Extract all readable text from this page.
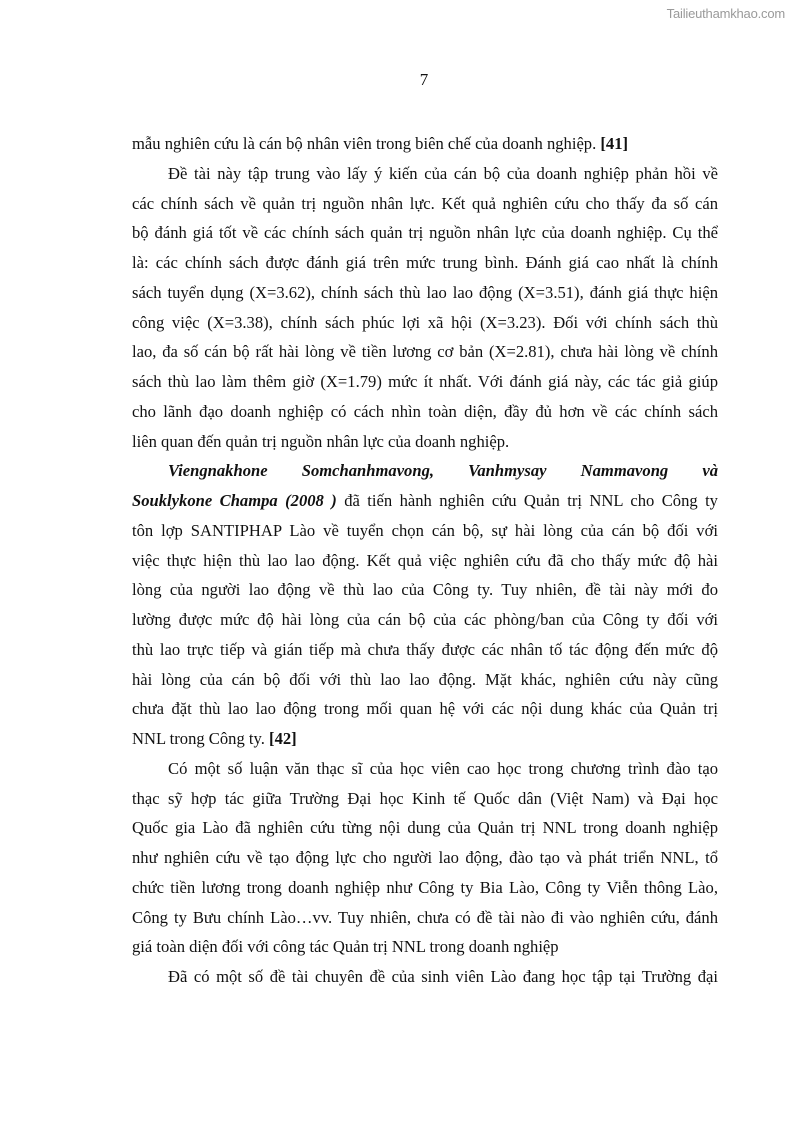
Tailieuthamkhao.com
7
mẫu nghiên cứu là cán bộ nhân viên trong biên chế của doanh nghiệp. [41]
Đề tài này tập trung vào lấy ý kiến của cán bộ của doanh nghiệp phản hồi về
các chính sách về quản trị nguồn nhân lực. Kết quả nghiên cứu cho thấy đa số cán
bộ đánh giá tốt về các chính sách quản trị nguồn nhân lực của doanh nghiệp. Cụ thể
là: các chính sách được đánh giá trên mức trung bình. Đánh giá cao nhất là chính
sách tuyển dụng (X=3.62), chính sách thù lao lao động (X=3.51), đánh giá thực hiện
công việc (X=3.38), chính sách phúc lợi xã hội (X=3.23). Đối với chính sách thù
lao, đa số cán bộ rất hài lòng về tiền lương cơ bản (X=2.81), chưa hài lòng về chính
sách thù lao làm thêm giờ (X=1.79) mức ít nhất. Với đánh giá này, các tác giả giúp
cho lãnh đạo doanh nghiệp có cách nhìn toàn diện, đầy đủ hơn về các chính sách
liên quan đến quản trị nguồn nhân lực của doanh nghiệp.
Viengnakhone Somchanhmavong, Vanhmysay Nammavong và
Souklykone Champa (2008 ) đã tiến hành nghiên cứu Quản trị NNL cho Công ty
tôn lợp SANTIPHAP Lào về tuyển chọn cán bộ, sự hài lòng của cán bộ đối với
việc thực hiện thù lao lao động. Kết quả việc nghiên cứu đã cho thấy mức độ hài
lòng của người lao động về thù lao của Công ty. Tuy nhiên, đề tài này mới đo
lường được mức độ hài lòng của cán bộ của các phòng/ban của Công ty đối với
thù lao trực tiếp và gián tiếp mà chưa thấy được các nhân tố tác động đến mức độ
hài lòng của cán bộ đối với thù lao lao động. Mặt khác, nghiên cứu này cũng
chưa đặt thù lao lao động trong mối quan hệ với các nội dung khác của Quản trị
NNL trong Công ty. [42]
Có một số luận văn thạc sĩ của học viên cao học trong chương trình đào tạo
thạc sỹ hợp tác giữa Trường Đại học Kinh tế Quốc dân (Việt Nam) và Đại học
Quốc gia Lào đã nghiên cứu từng nội dung của Quản trị NNL trong doanh nghiệp
như nghiên cứu về tạo động lực cho người lao động, đào tạo và phát triển NNL, tổ
chức tiền lương trong doanh nghiệp như Công ty Bia Lào, Công ty Viễn thông Lào,
Công ty Bưu chính Lào…vv. Tuy nhiên, chưa có đề tài nào đi vào nghiên cứu, đánh
giá toàn diện đối với công tác Quản trị NNL trong doanh nghiệp
Đã có một số đề tài chuyên đề của sinh viên Lào đang học tập tại Trường đại
